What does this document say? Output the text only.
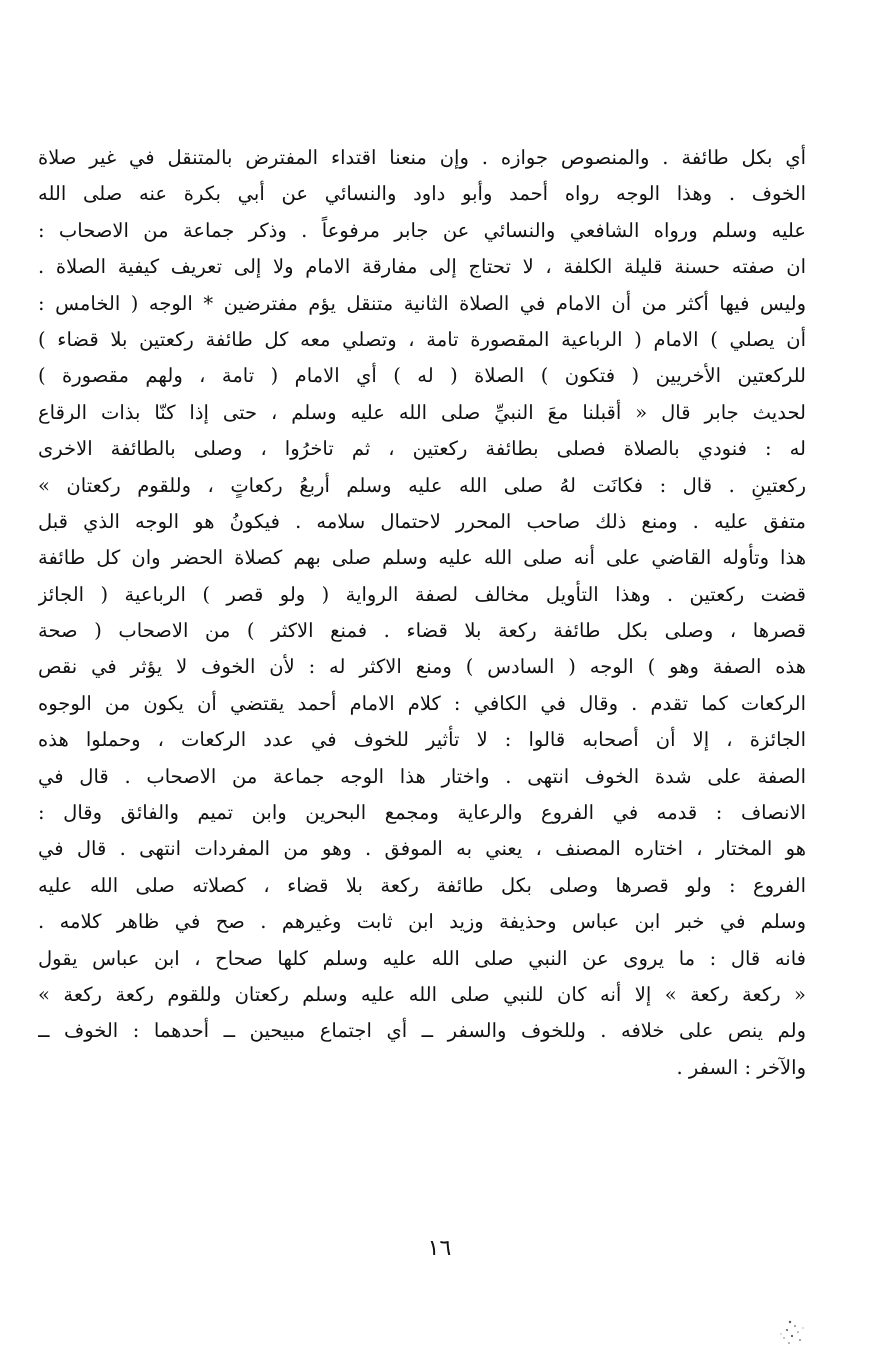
أي بكل طائفة . والمنصوص جوازه . وإن منعنا اقتداء المفترض بالمتنقل في غير صلاة
الخوف . وهذا الوجه رواه أحمد وأبو داود والنسائي عن أبي بكرة عنه صلى الله
عليه وسلم ورواه الشافعي والنسائي عن جابر مرفوعاً . وذكر جماعة من الاصحاب :
ان صفته حسنة قليلة الكلفة ، لا تحتاج إلى مفارقة الامام ولا إلى تعريف كيفية الصلاة .
وليس فيها أكثر من أن الامام في الصلاة الثانية متنقل يؤم مفترضين * الوجه ( الخامس :
أن يصلي ) الامام ( الرباعية المقصورة تامة ، وتصلي معه كل طائفة ركعتين بلا قضاء )
للركعتين الأخريين ( فتكون ) الصلاة ( له ) أي الامام ( تامة ، ولهم مقصورة )
لحديث جابر قال « أقبلنا معَ النبيِّ صلى الله عليه وسلم ، حتى إذا كنّا بذات الرقاع
له : فنودي بالصلاة فصلى بطائفة ركعتين ، ثم تاخرُوا ، وصلى بالطائفة الاخرى
ركعتينِ . قال : فكانَت لهُ صلى الله عليه وسلم أربعُ ركعاتٍ ، وللقوم ركعتان »
متفق عليه . ومنع ذلك صاحب المحرر لاحتمال سلامه . فيكونُ هو الوجه الذي قبل
هذا وتأوله القاضي على أنه صلى الله عليه وسلم صلى بهم كصلاة الحضر وان كل طائفة
قضت ركعتين . وهذا التأويل مخالف لصفة الرواية ( ولو قصر ) الرباعية ( الجائز
قصرها ، وصلى بكل طائفة ركعة بلا قضاء . فمنع الاكثر ) من الاصحاب ( صحة
هذه الصفة وهو ) الوجه ( السادس ) ومنع الاكثر له : لأن الخوف لا يؤثر في نقص
الركعات كما تقدم . وقال في الكافي : كلام الامام أحمد يقتضي أن يكون من الوجوه
الجائزة ، إلا أن أصحابه قالوا : لا تأثير للخوف في عدد الركعات ، وحملوا هذه
الصفة على شدة الخوف انتهى . واختار هذا الوجه جماعة من الاصحاب . قال في
الانصاف : قدمه في الفروع والرعاية ومجمع البحرين وابن تميم والفائق وقال :
هو المختار ، اختاره المصنف ، يعني به الموفق . وهو من المفردات انتهى . قال في
الفروع : ولو قصرها وصلى بكل طائفة ركعة بلا قضاء ، كصلاته صلى الله عليه
وسلم في خبر ابن عباس وحذيفة وزيد ابن ثابت وغيرهم . صح في ظاهر كلامه .
فانه قال : ما يروى عن النبي صلى الله عليه وسلم كلها صحاح ، ابن عباس يقول
« ركعة ركعة » إلا أنه كان للنبي صلى الله عليه وسلم ركعتان وللقوم ركعة ركعة »
ولم ينص على خلافه . وللخوف والسفر ــ أي اجتماع مبيحين ــ أحدهما : الخوف ــ
والآخر : السفر .
١٦
